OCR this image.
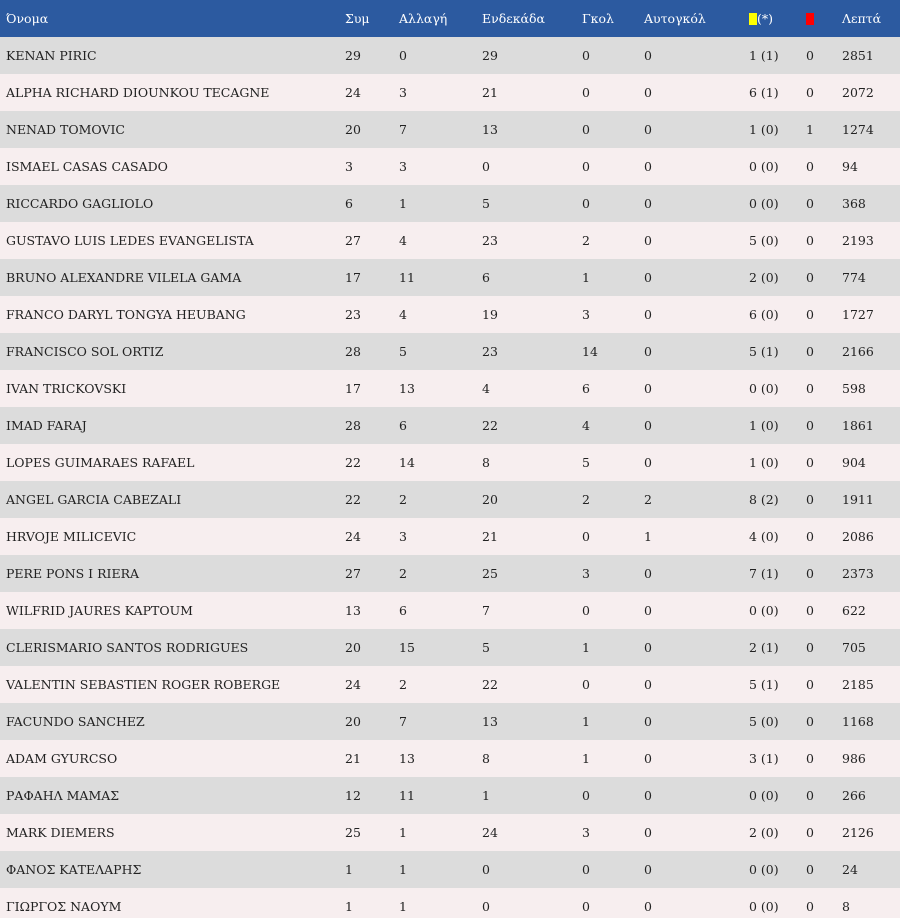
Όνομα	Συμ	Αλλαγή	Ενδεκάδα	Γκολ	Αυτογκόλ	(*)		Λεπτά
KENAN PIRIC	29	0	29	0	0	1 (1)	0	2851
ALPHA RICHARD DIOUNKOU TECAGNE	24	3	21	0	0	6 (1)	0	2072
NENAD TOMOVIC	20	7	13	0	0	1 (0)	1	1274
ISMAEL CASAS CASADO	3	3	0	0	0	0 (0)	0	94
RICCARDO GAGLIOLO	6	1	5	0	0	0 (0)	0	368
GUSTAVO LUIS LEDES EVANGELISTA	27	4	23	2	0	5 (0)	0	2193
BRUNO ALEXANDRE VILELA GAMA	17	11	6	1	0	2 (0)	0	774
FRANCO DARYL TONGYA HEUBANG	23	4	19	3	0	6 (0)	0	1727
FRANCISCO SOL ORTIZ	28	5	23	14	0	5 (1)	0	2166
IVAN TRICKOVSKI	17	13	4	6	0	0 (0)	0	598
IMAD FARAJ	28	6	22	4	0	1 (0)	0	1861
LOPES GUIMARAES RAFAEL	22	14	8	5	0	1 (0)	0	904
ANGEL GARCIA CABEZALI	22	2	20	2	2	8 (2)	0	1911
HRVOJE MILICEVIC	24	3	21	0	1	4 (0)	0	2086
PERE PONS I RIERA	27	2	25	3	0	7 (1)	0	2373
WILFRID JAURES KAPTOUM	13	6	7	0	0	0 (0)	0	622
CLERISMARIO SANTOS RODRIGUES	20	15	5	1	0	2 (1)	0	705
VALENTIN SEBASTIEN ROGER ROBERGE	24	2	22	0	0	5 (1)	0	2185
FACUNDO SANCHEZ	20	7	13	1	0	5 (0)	0	1168
ADAM GYURCSO	21	13	8	1	0	3 (1)	0	986
ΡΑΦΑΗΛ ΜΑΜΑΣ	12	11	1	0	0	0 (0)	0	266
MARK DIEMERS	25	1	24	3	0	2 (0)	0	2126
ΦΑΝΟΣ ΚΑΤΕΛΑΡΗΣ	1	1	0	0	0	0 (0)	0	24
ΓΙΩΡΓΟΣ ΝΑΟΥΜ	1	1	0	0	0	0 (0)	0	8
